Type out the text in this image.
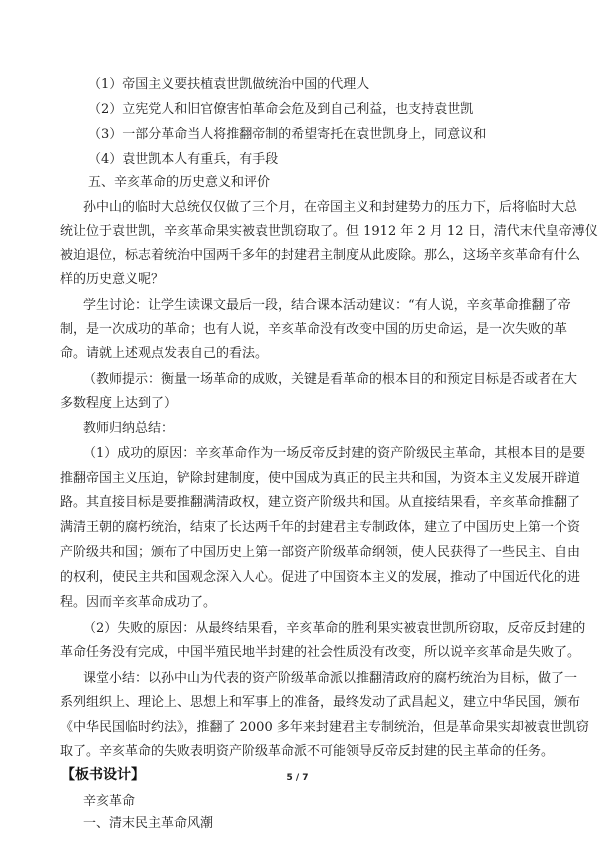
（1）帝国主义要扶植袁世凯做统治中国的代理人
（2）立宪党人和旧官僚害怕革命会危及到自己利益，也支持袁世凯
（3）一部分革命当人将推翻帝制的希望寄托在袁世凯身上，同意议和
（4）袁世凯本人有重兵，有手段
五、辛亥革命的历史意义和评价
孙中山的临时大总统仅仅做了三个月，在帝国主义和封建势力的压力下，后将临时大总
统让位于袁世凯，辛亥革命果实被袁世凯窃取了。但 1912 年 2 月 12 日，清代末代皇帝溥仪
被迫退位，标志着统治中国两千多年的封建君主制度从此废除。那么，这场辛亥革命有什么
样的历史意义呢？
学生讨论：让学生读课文最后一段，结合课本活动建议：“有人说，辛亥革命推翻了帝
制，是一次成功的革命；也有人说，辛亥革命没有改变中国的历史命运，是一次失败的革
命。请就上述观点发表自己的看法。
（教师提示：衡量一场革命的成败，关键是看革命的根本目的和预定目标是否或者在大
多数程度上达到了）
教师归纳总结：
（1）成功的原因：辛亥革命作为一场反帝反封建的资产阶级民主革命，其根本目的是要
推翻帝国主义压迫，铲除封建制度，使中国成为真正的民主共和国，为资本主义发展开辟道
路。其直接目标是要推翻满清政权，建立资产阶级共和国。从直接结果看，辛亥革命推翻了
满清王朝的腐朽统治，结束了长达两千年的封建君主专制政体，建立了中国历史上第一个资
产阶级共和国；颁布了中国历史上第一部资产阶级革命纲领，使人民获得了一些民主、自由
的权利，使民主共和国观念深入人心。促进了中国资本主义的发展，推动了中国近代化的进
程。因而辛亥革命成功了。
（2）失败的原因：从最终结果看，辛亥革命的胜利果实被袁世凯所窃取，反帝反封建的
革命任务没有完成，中国半殖民地半封建的社会性质没有改变，所以说辛亥革命是失败了。
课堂小结：以孙中山为代表的资产阶级革命派以推翻清政府的腐朽统治为目标，做了一
系列组织上、理论上、思想上和军事上的准备，最终发动了武昌起义，建立中华民国，颁布
《中华民国临时约法》，推翻了 2000 多年来封建君主专制统治，但是革命果实却被袁世凯窃
取了。辛亥革命的失败表明资产阶级革命派不可能领导反帝反封建的民主革命的任务。
【板书设计】
辛亥革命
一、清末民主革命风潮
5 / 7
